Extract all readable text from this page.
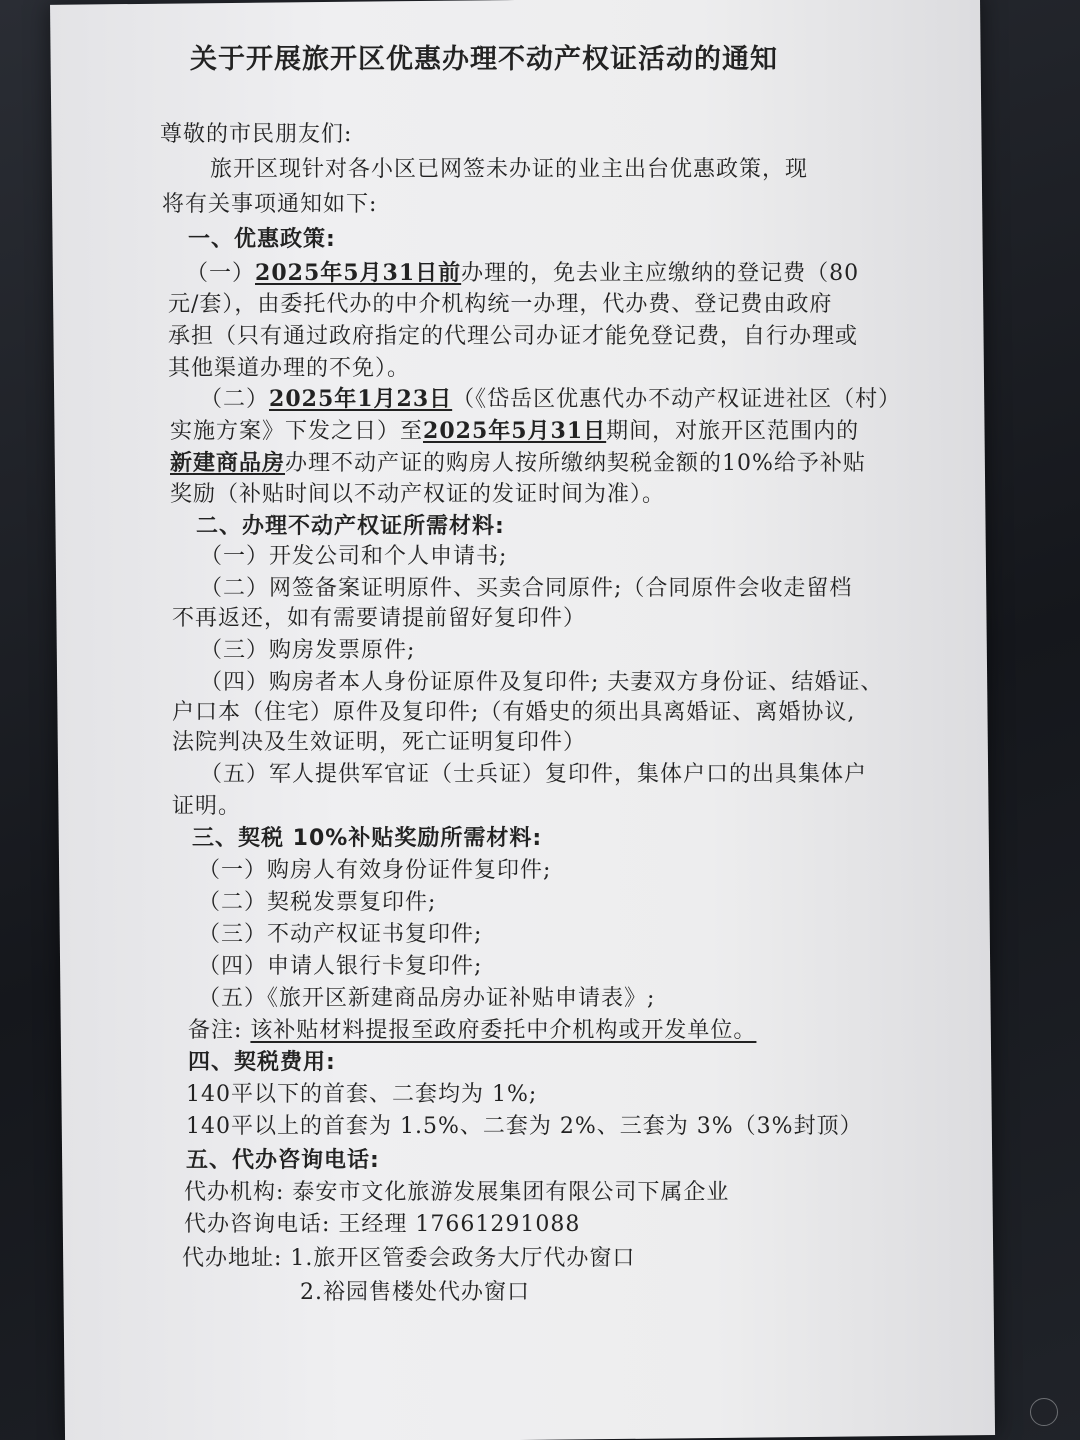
关于开展旅开区优惠办理不动产权证活动的通知
尊敬的市民朋友们:
旅开区现针对各小区已网签未办证的业主出台优惠政策，现
将有关事项通知如下:
一、优惠政策:
（一）2025年5月31日前办理的，免去业主应缴纳的登记费（80
元/套），由委托代办的中介机构统一办理，代办费、登记费由政府
承担（只有通过政府指定的代理公司办证才能免登记费，自行办理或
其他渠道办理的不免）。
（二）2025年1月23日（《岱岳区优惠代办不动产权证进社区（村）
实施方案》下发之日）至2025年5月31日期间，对旅开区范围内的
新建商品房办理不动产证的购房人按所缴纳契税金额的10%给予补贴
奖励（补贴时间以不动产权证的发证时间为准）。
二、办理不动产权证所需材料:
（一）开发公司和个人申请书;
（二）网签备案证明原件、买卖合同原件;（合同原件会收走留档
不再返还，如有需要请提前留好复印件）
（三）购房发票原件;
（四）购房者本人身份证原件及复印件; 夫妻双方身份证、结婚证、
户口本（住宅）原件及复印件;（有婚史的须出具离婚证、离婚协议,
法院判决及生效证明，死亡证明复印件）
（五）军人提供军官证（士兵证）复印件，集体户口的出具集体户
证明。
三、契税 10%补贴奖励所需材料:
（一）购房人有效身份证件复印件;
（二）契税发票复印件;
（三）不动产权证书复印件;
（四）申请人银行卡复印件;
（五）《旅开区新建商品房办证补贴申请表》;
备注: 该补贴材料提报至政府委托中介机构或开发单位。
四、契税费用:
140平以下的首套、二套均为 1%;
140平以上的首套为 1.5%、二套为 2%、三套为 3%（3%封顶）
五、代办咨询电话:
代办机构: 泰安市文化旅游发展集团有限公司下属企业
代办咨询电话: 王经理 17661291088
代办地址: 1.旅开区管委会政务大厅代办窗口
2.裕园售楼处代办窗口
